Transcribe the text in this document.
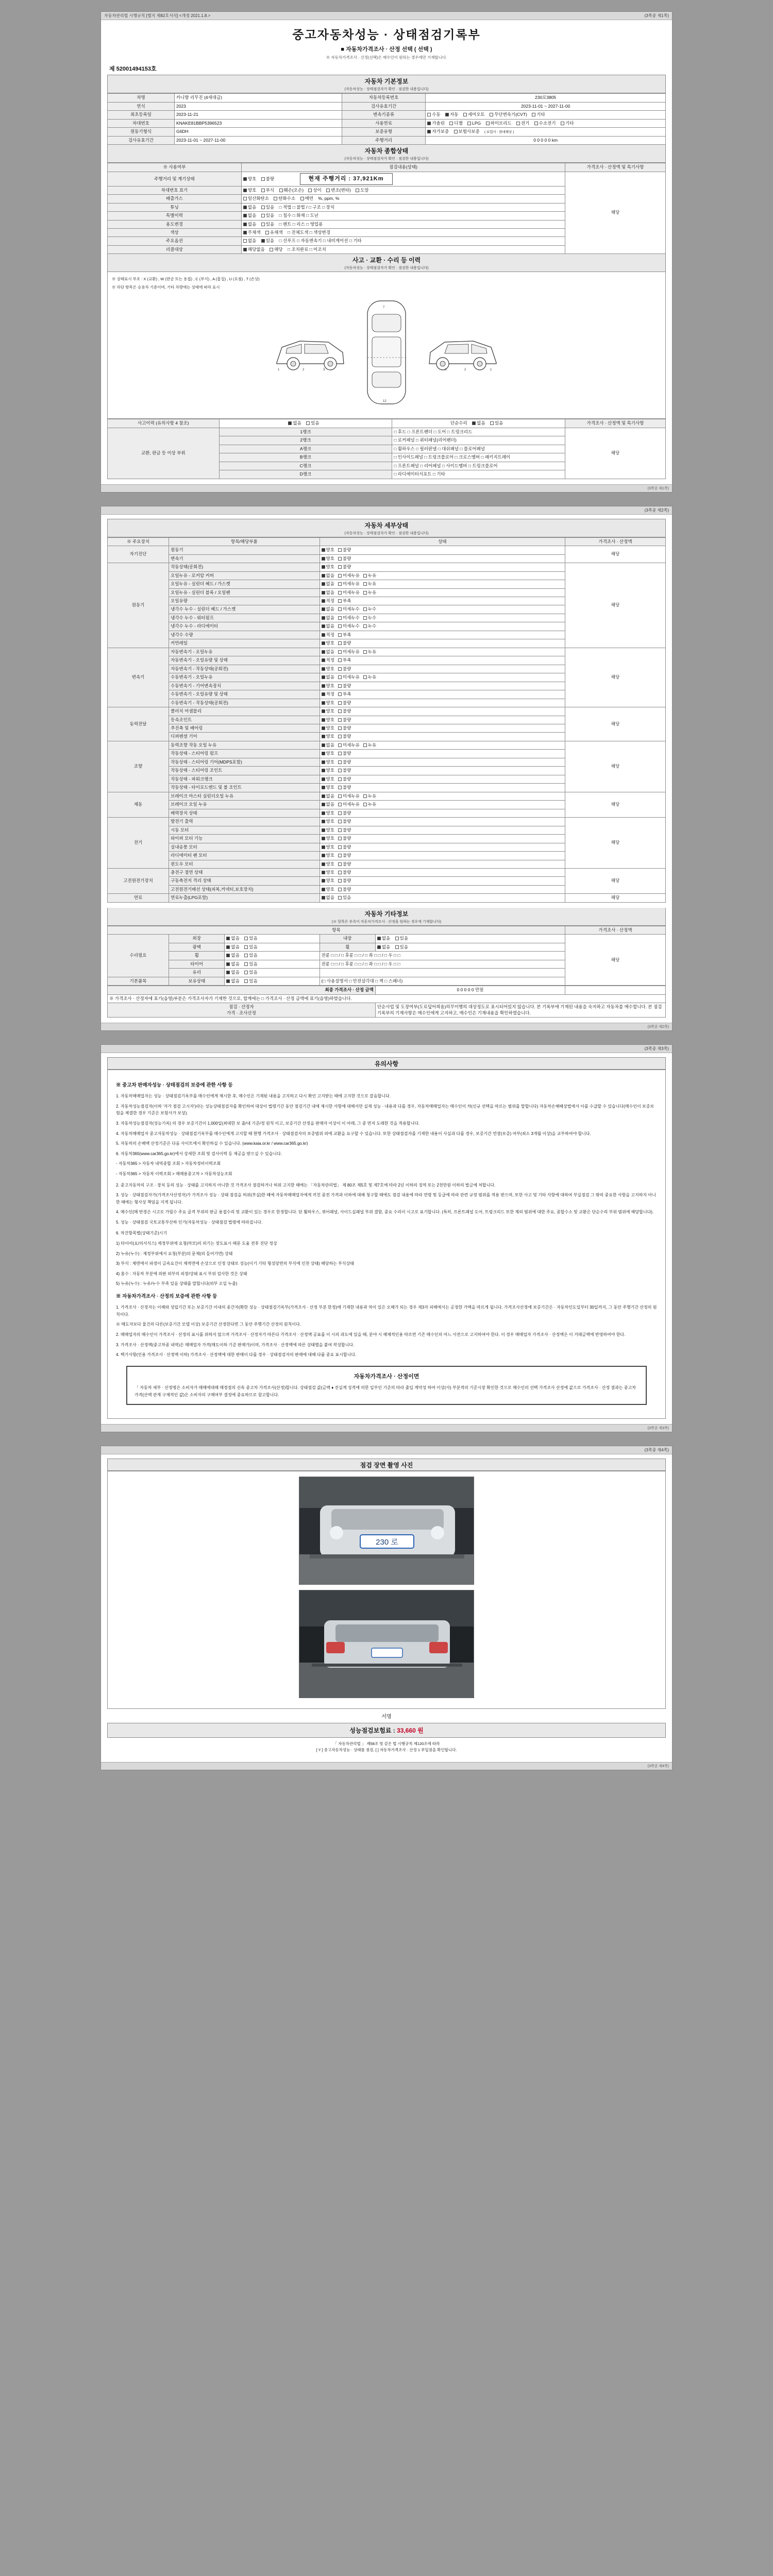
자동차관리법 시행규칙 [별지 제82호서식] <개정 2021.1.8.>	(3쪽중 제1쪽)
중고자동차성능 · 상태점검기록부
■ 자동차가격조사 · 산정 선택 ( 선택 )
※ 자동차가격조사 · 산정(선택)은 매수인이 원하는 경우에만 기재합니다.
제 52001494153호
자동차 기본정보
(자동차성능 · 상태점검자가 확인 · 점검한 내용입니다)
차명	카니발 리무진 (4세대급)	자동차등록번호	230로3805
연식	2023	검사유효기간	2023-11-01 ~ 2027-11-00
최초등록일	2023-11-21	변속기종류	수동 자동 세미오토 무단변속기(CVT) 기타
차대번호	KNAKE81BBP5396523	사용연료	가솔린 디젤 LPG 하이브리드 전기 수소전기 기타
원동기형식	G6DH	보증유형	자가보증 보험사보증 ( 보험사 : 현대해상 )
검사유효기간	2023-11-01 ~ 2027-11-00	주행거리	0 0 0 0 0 km
자동차 종합상태
(자동차성능 · 상태점검자가 확인 · 점검한 내용입니다)
※ 사용여부	점검내용(상태)	가격조사 · 산정액 및 특기사항
주행거리 및 계기상태	양호 불량 현재 주행거리 : 37,921Km	해당
차대번호 표기	양호 부식 훼손(오손) 상이 변조(변타) 도말	
배출가스	일산화탄소 탄화수소 매연 %, ppm, %	
튜닝	없음 있음 □ 적법 □ 불법 / □ 구조 □ 장치	
특별이력	없음 있음 □ 침수 □ 화재 □ 도난	
용도변경	없음 있음 □ 렌트 □ 리스 □ 영업용	
색상	무채색 유채색 □ 전체도색 □ 색상변경	
주요옵션	없음 있음 □ 선루프 □ 자동변속기 □ 내비게이션 □ 기타	
리콜대상	해당없음 해당 □ 조치완료 □ 미조치	
사고 · 교환 · 수리 등 이력
(자동차성능 · 상태점검자가 확인 · 점검한 내용입니다)
※ 상태표시 부호 : X (교환) , W (판금 또는 용접) , C (부식) , A (흠집) , U (요철) , T (손상)
※ 하단 항목은 승용차 기준이며, 기타 차량에는 상태에 따라 표시
1	2	3
7
12
1
2
3
사고이력 (유의사항 4 참조)	없음 있음	단순수리 없음 있음	가격조사 · 산정액 및 특기사항
교환, 판금 등 이상 부위	1랭크	□ 후드 □ 프론트펜더 □ 도어 □ 트렁크리드	해당
	2랭크	□ 로커패널 □ 쿼터패널(리어펜더)	
	A랭크	□ 휠하우스 □ 필러판넬 □ 대쉬패널 □ 플로어패널	
	B랭크	□ 인사이드패널 □ 트렁크플로어 □ 크로스멤버 □ 패키지트레이	
	C랭크	□ 프론트패널 □ 리어패널 □ 사이드멤버 □ 트렁크플로어	
	D랭크	□ 라디에이터서포트 □ 기타	
(3쪽중 제1쪽)
(3쪽중 제2쪽)
자동차 세부상태
(자동차성능 · 상태점검자가 확인 · 점검한 내용입니다)
※ 주요장치	항목/해당부품	상태	가격조사 · 산정액
자기진단	원동기	양호 불량	해당
	변속기	양호 불량	
원동기	작동상태(공회전)	양호 불량	해당
	오일누유 - 로커암 커버	없음 미세누유 누유	
	오일누유 - 실린더 헤드 / 가스켓	없음 미세누유 누유	
	오일누유 - 실린더 블록 / 오일팬	없음 미세누유 누유	
	오일유량	적정 부족	
	냉각수 누수 - 실린더 헤드 / 가스켓	없음 미세누수 누수	
	냉각수 누수 - 워터펌프	없음 미세누수 누수	
	냉각수 누수 - 라디에이터	없음 미세누수 누수	
	냉각수 수량	적정 부족	
	커먼레일	양호 불량	
변속기	자동변속기 - 오일누유	없음 미세누유 누유	해당
	자동변속기 - 오일유량 및 상태	적정 부족	
	자동변속기 - 작동상태(공회전)	양호 불량	
	수동변속기 - 오일누유	없음 미세누유 누유	
	수동변속기 - 기어변속장치	양호 불량	
	수동변속기 - 오일유량 및 상태	적정 부족	
	수동변속기 - 작동상태(공회전)	양호 불량	
동력전달	클러치 어셈블리	양호 불량	해당
	등속조인트	양호 불량	
	추진축 및 베어링	양호 불량	
	디퍼렌셜 기어	양호 불량	
조향	동력조향 작동 오일 누유	없음 미세누유 누유	해당
	작동상태 - 스티어링 펌프	양호 불량	
	작동상태 - 스티어링 기어(MDPS포함)	양호 불량	
	작동상태 - 스티어링 조인트	양호 불량	
	작동상태 - 파워크랭크	양호 불량	
	작동상태 - 타이로드엔드 및 볼 조인트	양호 불량	
제동	브레이크 마스터 실린더오일 누유	없음 미세누유 누유	해당
	브레이크 오일 누유	없음 미세누유 누유	
	배력장치 상태	양호 불량	
전기	발전기 출력	양호 불량	해당
	시동 모터	양호 불량	
	와이퍼 모터 기능	양호 불량	
	실내송풍 모터	양호 불량	
	라디에이터 팬 모터	양호 불량	
	윈도우 모터	양호 불량	
고전원전기장치	충전구 절연 상태	양호 불량	해당
	구동축전지 격리 상태	양호 불량	
	고전원전기배선 상태(피복,커넥터,보호장치)	양호 불량	
연료	연료누출(LPG포함)	없음 있음	해당
자동차 기타정보
(※ 항목은 부속이 자동차가격조사 · 산정을 원하는 경우에 기재합니다)
항목					가격조사 · 산정액
수리필요	외장	없음 있음	내장	없음 있음	해당
	광택	없음 있음	휠	없음 있음	
	휠	없음 있음	전륜 □ □ / □ 후륜 □ □ / □ 좌 □ □ / □ 우 □ □		
	타이어	없음 있음	전륜 □ □ / □ 후륜 □ □ / □ 좌 □ □ / □ 우 □ □		
	유리	없음 있음			
기본품목	보유상태	없음 있음	(□ 사용설명서 □ 안전삼각대 □ 잭 □ 스패너)		
최종 가격조사 · 산정 금액	0 0 0 0 0 만원	
※ 가격조사 · 산정자에 표기(음영)부분은 가격조사자가 기재한 것으로, 합계에는 □ 가격조사 · 산정 금액에 표기(음영)하였습니다.		

점검 · 산정자
가격 · 조사산정	단순사업 및 도장여부(도료덮어씌움)의무이행의 대상정도로 표시되어있지 않습니다. 본 기록부에 기재된 내용을 숙지하고 자동차를 매수합니다. 본 점검기록부의 기재사항은 매수인에게 고지하고, 매수인은 기재내용을 확인하였습니다.	
(3쪽중 제2쪽)
(3쪽중 제3쪽)
유의사항
※ 중고차 판매자성능 · 상태점검의 보증에 관한 사항 등

1. 자동차매매업자는 성능 · 상태점검기록부를 매수인에게 제시한 후, 매수인은 기재된 내용을 고지하고 다시 확인 고지받는 때에 고지한 것으로 갈음합니다.

2. 자동차성능점검자(이하 '자가 점검 고시자')라는 성능상태점검자를 확인하여 대상이 법령기간 동안 점검기간 내에 제시한 사항에 대해서만 실제 성능 · 내용과 다를 경우, 자동차매매업자는 매수인이 차(신규 선택을 따르는 범위를 말합니다) 자동차손해배상법에서 이를 수급할 수 있습니다(매수인이 보증보험을 체결한 경우 기준은 보험사가 보상).

3. 자동차성능점검자(성능기록) 의 경우 보증기간이 1,000일(최대한 보 출/내 기준/정 원칙 이고, 보증기간 산정을 판매자 이상이 이 아래, 그 중 먼저 도래한 것을 적용합니다.

4. 자동차매매업자 중고자동차성능 · 상태점검기록부를 매수인에게 고지할 때 현행 가격조사 · 상태점검자의 보증범위 외에 교환을 요구할 수 있습니다. 또한 상태점검자를 기재한 내용이 사실과 다를 경우, 보증기간 연장(보증) 여부(최소 3개월 이상)을 교부하여야 합니다.

5. 자동차의 손해액 산정기준은 다음 사이트에서 확인하실 수 있습니다. (www.kaia.or.kr / www.car365.go.kr)

6. 자동차365(www.car365.go.kr)에서 상세한 조회 및 검사이력 등 제공을 받으실 수 있습니다.

- 자동차365 > 자동차 내역종합 조회 > 자동차정비이력조회

- 자동차365 > 자동차 이력조회 > 매매용중고차 > 자동차성능조회

2. 중고자동차의 구조 · 장치 등의 성능 · 상태를 고지하지 아니한 것 가격조사 점검하거나 허위 고지한 때에는 「자동차관리법」 제 80조 제5호 및 제7호에 따라 2년 이하의 징역 또는 2천만원 이하의 벌금에 처합니다.

3. 성능 · 상태점검자가(가격조사산정자)가 가격조사 성능 · 상태 점검을 허위(부실)한 때에 자동차매매업자에게 끼친 종전 가격과 이하에 대해 청구할 때에도 점검 내용에 따라 연령 및 등급에 따라 관련 규정 범위를 적용 받으며, 또한 사고 및 기타 사항에 대하여 부실점검 그 밖의 중요한 사항을 고지하지 아니한 때에는 형사상 책임을 지게 됩니다.

4. 매수인(매 반경은 시고로 가릴수 주요 골격 부위의 판금 용접수리 및 교환이 있는 경우로 한정합니다. 단 휠하우스, 퀴어패널, 사이드실패널 부위 결함, 중요 수리이 시고로 표기합니다. (특히, 프론트패널 도어, 트렁크리드 또한 제외 범위에 대한 주요, 종합수소 및 교환은 단순수리 부위 범위에 해당합니다).

5. 성능 · 상태점검 국토교통부산하 인가(자동차성능 · 상태점검 법령에 따라집니다.

6. 차건항목별(상태기준)시기

1) 타이어(요/의사식스) 제정부위에 요청(마모)의 외기는 장도표시 때문 도움 전후 진단 정상

2) 누유(누수) : 제정부위에서 요청(부분)의 문제(외 들어가면) 상태

3) 부식 : 체면에서 파정이 금속요건이 체적면에 손상으로 인정 상태로 성능(이기 기타 형성당면의 부식에 인천 상태) 해당하는 부식상태

4) 흠수 : 자동차 부분에 외판 외부의 외장/상태 표시 부위 검사한 것은 상태

5) 누유(누수) : 누유/누수 부족 있음 상태를 말합니다(외부 오일 누출)

※ 자동차가격조사 · 산정의 보증에 관한 사항 등

1. 가격조사 · 산정자는 이해와 성립기간 또는 보증기간 이내의 종간자(확한 성능 · 상태점검기록부(가격조사 · 산정 부분 한정)에 기재한 내용과 차이 있은 오해가 되는 경우 제3자 피해에서는 공정한 가액을 따르게 됩니다. 가격조사산정에 보증기간은 · 자동차인도일부터 30일까지, 그 동안 주행기간 산정의 원칙이다.

※ 매도자보다 물건의 다른(보증기간 모델 이상) 보증기간 산정한다면 그 동안 주행기간 산정의 원칙이다.

2. 매매업자의 매수인이 가격조사 · 산정의 표시를 위하지 않으며 가격조사 · 산정자가 따른다 가격조사 · 산정액 공표를 이 시의 과도에 있을 때, 분야 시 해체적인용 따르면 기존 매수인의 어느 사전으로 고지하여야 한다. 이 경우 매매업자 가격조사 · 산정액은 이 거래금액에 반영하여야 한다.

3. 가격조사 · 산정액(중고차종 내역)은 매매업자 가격(매도이하 기준 판매가)이며, 가격조사 · 산정액에 따른 상태별을 붙여 작성합니다.

4. 택기사항(인용 가격조사 · 산정액 이하) 가격조사 · 산정액에 대한 판매이 다를 경우 · 상태점검자의 판매에 대해 다룰 중요 표시합니다.

자동차가격조사 · 산정이면
「 자동차 세부 · 산정명은 소비자가 매매에대해 매경점의 신속 중고차 가격조사(산정)합니다. 상태점검 값(금액 ♦ 진실계 성격에 의한 일부인 기준의 따라 출입 계약성 하여 이상(사) 부분적의 기준시장 확인한 것으로 매수인의 선택 가격조사 산정에 값으로 가격조사 · 산정 결과는 중고차 가격(산액 관계 구체적인 값)은 소비자의 구매여부 결정에 중요하므로 참고합니다.
(3쪽중 제3쪽)
(3쪽중 제4쪽)
점검 장면 촬영 사진
230 로
서명
성능점검보험료 : 33,660 원
「 자동차관리법 」 제58조 및 같은 법 시행규칙 제120조에 따라
[ Y ] 중고자동차성능 · 상태를 점검, [ ] 자동차가격조사 · 산정 1 부입점을 확인합니다.
(3쪽중 제4쪽)
